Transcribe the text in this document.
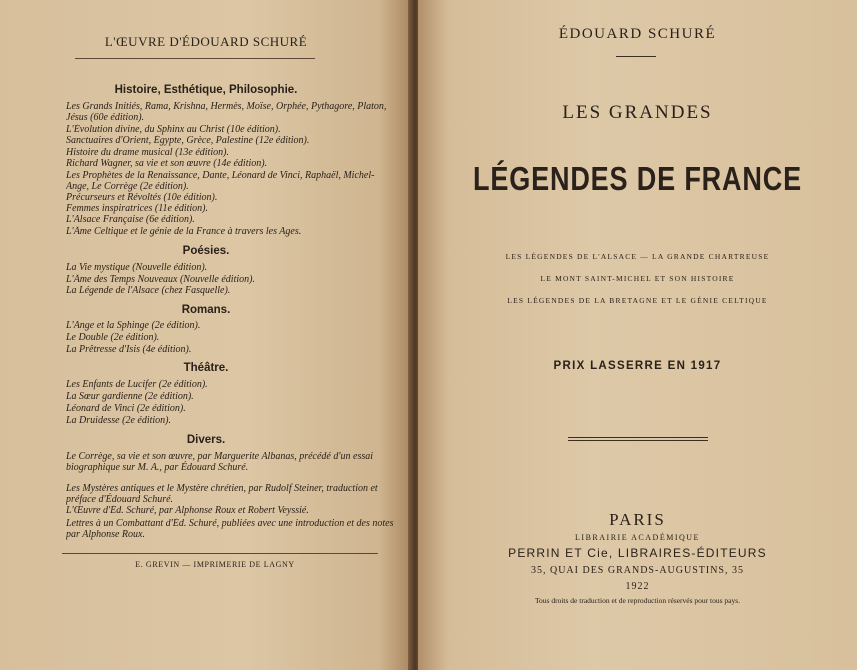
L'ŒUVRE D'ÉDOUARD SCHURÉ
Histoire, Esthétique, Philosophie.
Les Grands Initiés, Rama, Krishna, Hermès, Moïse, Orphée, Pythagore, Platon, Jésus (60e édition).
L'Évolution divine, du Sphinx au Christ (10e édition).
Sanctuaires d'Orient, Égypte, Grèce, Palestine (12e édition).
Histoire du drame musical (13e édition).
Richard Wagner, sa vie et son œuvre (14e édition).
Les Prophètes de la Renaissance, Dante, Léonard de Vinci, Raphaël, Michel-Ange, Le Corrège (2e édition).
Précurseurs et Révoltés (10e édition).
Femmes inspiratrices (11e édition).
L'Alsace Française (6e édition).
L'Âme Celtique et le génie de la France à travers les Ages.
Poésies.
La Vie mystique (Nouvelle édition).
L'Âme des Temps Nouveaux (Nouvelle édition).
La Légende de l'Alsace (chez Fasquelle).
Romans.
L'Ange et la Sphinge (2e édition).
Le Double (2e édition).
La Prêtresse d'Isis (4e édition).
Théâtre.
Les Enfants de Lucifer (2e édition).
La Sœur gardienne (2e édition).
Léonard de Vinci (2e édition).
La Druidesse (2e édition).
Divers.
Le Corrège, sa vie et son œuvre, par Marguerite Albanas, précédé d'un essai biographique sur M. A., par Édouard Schuré.
Les Mystères antiques et le Mystère chrétien, par Rudolf Steiner, traduction et préface d'Édouard Schuré.
L'Œuvre d'Éd. Schuré, par Alphonse Roux et Robert Veyssié.
Lettres à un Combattant d'Éd. Schuré, publiées avec une introduction et des notes par Alphonse Roux.
E. GREVIN — IMPRIMERIE DE LAGNY
ÉDOUARD SCHURÉ
LES GRANDES
LÉGENDES DE FRANCE
LES LÉGENDES DE L'ALSACE — LA GRANDE CHARTREUSE
LE MONT SAINT-MICHEL ET SON HISTOIRE
LES LÉGENDES DE LA BRETAGNE ET LE GÉNIE CELTIQUE
PRIX LASSERRE EN 1917
PARIS
LIBRAIRIE ACADÉMIQUE
PERRIN ET Cie, LIBRAIRES-ÉDITEURS
35, QUAI DES GRANDS-AUGUSTINS, 35
1922
Tous droits de traduction et de reproduction réservés pour tous pays.
